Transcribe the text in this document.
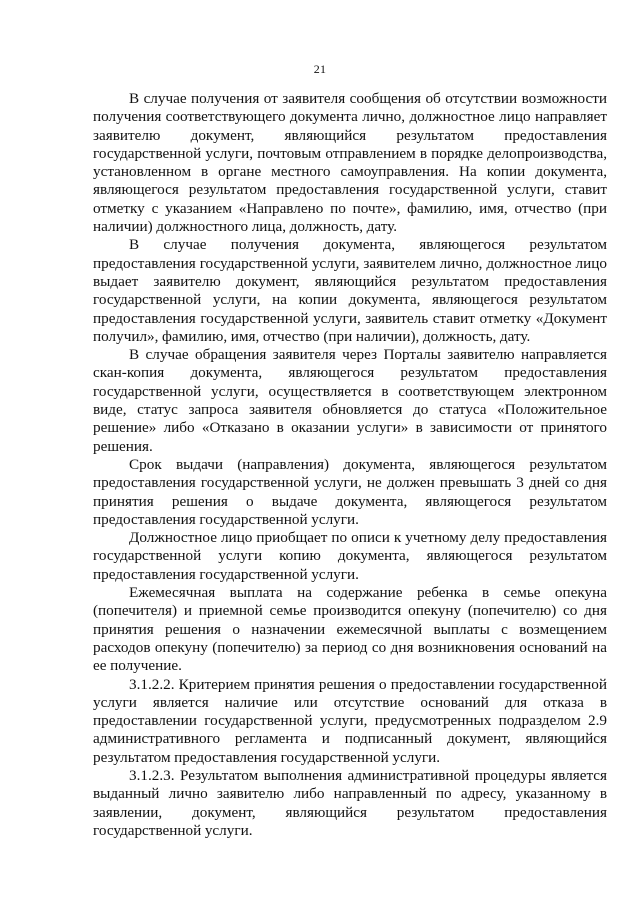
21

В случае получения от заявителя сообщения об отсутствии возможности получения соответствующего документа лично, должностное лицо направляет заявителю документ, являющийся результатом предоставления государственной услуги, почтовым отправлением в порядке делопроизводства, установленном в органе местного самоуправления. На копии документа, являющегося результатом предоставления государственной услуги, ставит отметку с указанием «Направлено по почте», фамилию, имя, отчество (при наличии) должностного лица, должность, дату.

В случае получения документа, являющегося результатом предоставления государственной услуги, заявителем лично, должностное лицо выдает заявителю документ, являющийся результатом предоставления государственной услуги, на копии документа, являющегося результатом предоставления государственной услуги, заявитель ставит отметку «Документ получил», фамилию, имя, отчество (при наличии), должность, дату.

В случае обращения заявителя через Порталы заявителю направляется скан-копия документа, являющегося результатом предоставления государственной услуги, осуществляется в соответствующем электронном виде, статус запроса заявителя обновляется до статуса «Положительное решение» либо «Отказано в оказании услуги» в зависимости от принятого решения.

Срок выдачи (направления) документа, являющегося результатом предоставления государственной услуги, не должен превышать 3 дней со дня принятия решения о выдаче документа, являющегося результатом предоставления государственной услуги.

Должностное лицо приобщает по описи к учетному делу предоставления государственной услуги копию документа, являющегося результатом предоставления государственной услуги.

Ежемесячная выплата на содержание ребенка в семье опекуна (попечителя) и приемной семье производится опекуну (попечителю) со дня принятия решения о назначении ежемесячной выплаты с возмещением расходов опекуну (попечителю) за период со дня возникновения оснований на ее получение.

3.1.2.2. Критерием принятия решения о предоставлении государственной услуги является наличие или отсутствие оснований для отказа в предоставлении государственной услуги, предусмотренных подразделом 2.9 административного регламента и подписанный документ, являющийся результатом предоставления государственной услуги.

3.1.2.3. Результатом выполнения административной процедуры является выданный лично заявителю либо направленный по адресу, указанному в заявлении, документ, являющийся результатом предоставления государственной услуги.
